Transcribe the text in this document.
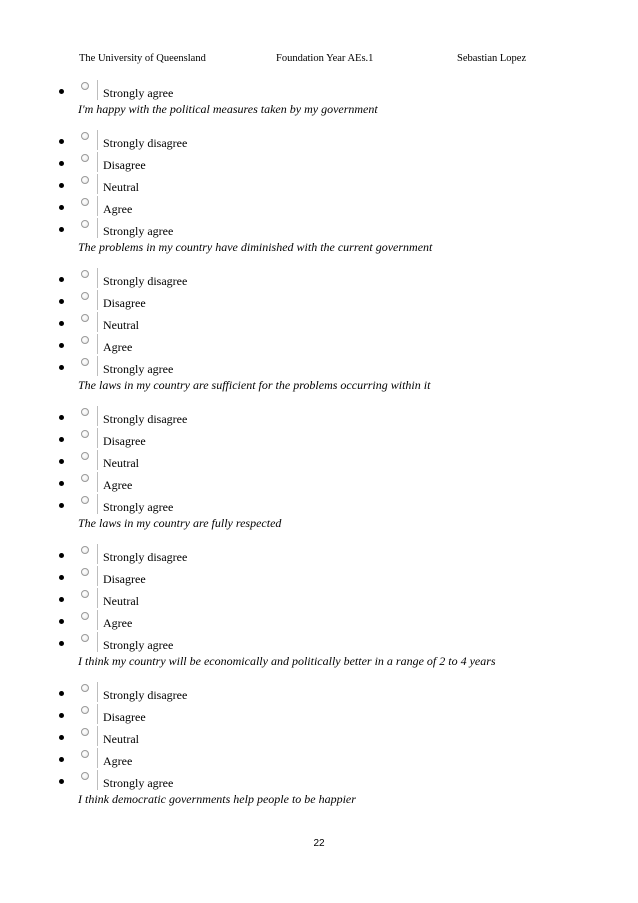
The University of Queensland	Foundation Year AEs.1	Sebastian Lopez
Strongly agree
I'm happy with the political measures taken by my government
Strongly disagree
Disagree
Neutral
Agree
Strongly agree
The problems in my country have diminished with the current government
Strongly disagree
Disagree
Neutral
Agree
Strongly agree
The laws in my country are sufficient for the problems occurring within it
Strongly disagree
Disagree
Neutral
Agree
Strongly agree
The laws in my country are fully respected
Strongly disagree
Disagree
Neutral
Agree
Strongly agree
I think my country will be economically and politically better in a range of 2 to 4 years
Strongly disagree
Disagree
Neutral
Agree
Strongly agree
I think democratic governments help people to be happier
22
